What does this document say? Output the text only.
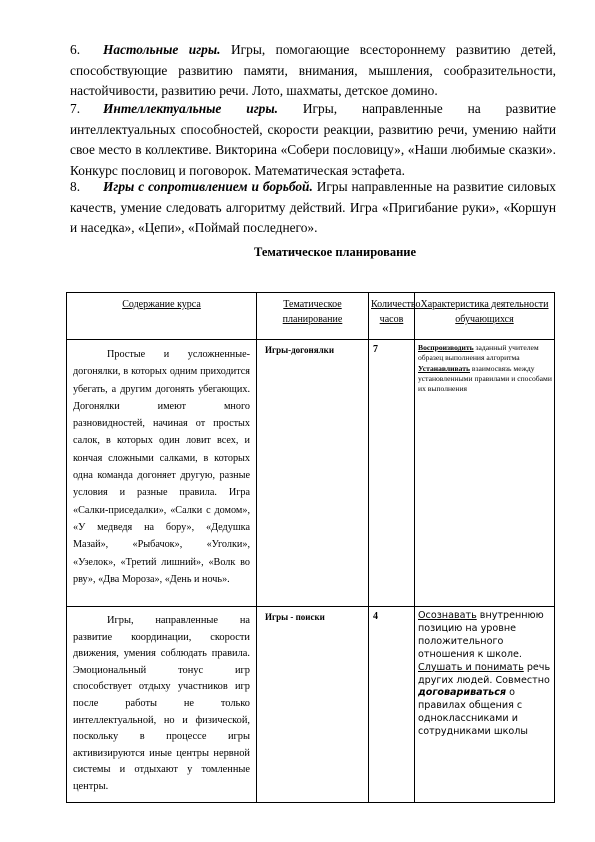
6. Настольные игры. Игры, помогающие всестороннему развитию детей, способствующие развитию памяти, внимания, мышления, сообразительности, настойчивости, развитию речи. Лото, шахматы, детское домино.
7. Интеллектуальные игры. Игры, направленные на развитие интеллектуальных способностей, скорости реакции, развитию речи, умению найти свое место в коллективе. Викторина «Собери пословицу», «Наши любимые сказки». Конкурс пословиц и поговорок. Математическая эстафета.
8. Игры с сопротивлением и борьбой. Игры направленные на развитие силовых качеств, умение следовать алгоритму действий. Игра «Пригибание руки», «Коршун и наседка», «Цепи», «Поймай последнего».
Тематическое планирование
Содержание курса	Тематическое планирование	Количество часов	Характеристика деятельности обучающихся

Простые и усложненные-догонялки, в которых одним приходится убегать, а другим догонять убегающих. Догонялки имеют много разновидностей, начиная от простых салок, в которых один ловит всех, и кончая сложными салками, в которых одна команда догоняет другую, разные условия и разные правила. Игра «Салки-приседалки», «Салки с домом», «У медведя на бору», «Дедушка Мазай», «Рыбачок», «Уголки», «Узелок», «Третий лишний», «Волк во рву», «Два Мороза», «День и ночь».	Игры-догонялки	7	Воспроизводить заданный учителем образец выполнения алгоритма
Устанавливать взаимосвязь между установленными правилами и способами их выполнения

Игры, направленные на развитие координации, скорости движения, умения соблюдать правила. Эмоциональный тонус игр способствует отдыху участников игр после работы не только интеллектуальной, но и физической, поскольку в процессе игры активизируются иные центры нервной системы и отдыхают у томленные центры.	Игры - поиски	4	Осознавать внутреннюю позицию на уровне положительного отношения к школе.
Слушать и понимать речь других людей. Совместно договариваться о правилах общения с одноклассниками и сотрудниками школы
